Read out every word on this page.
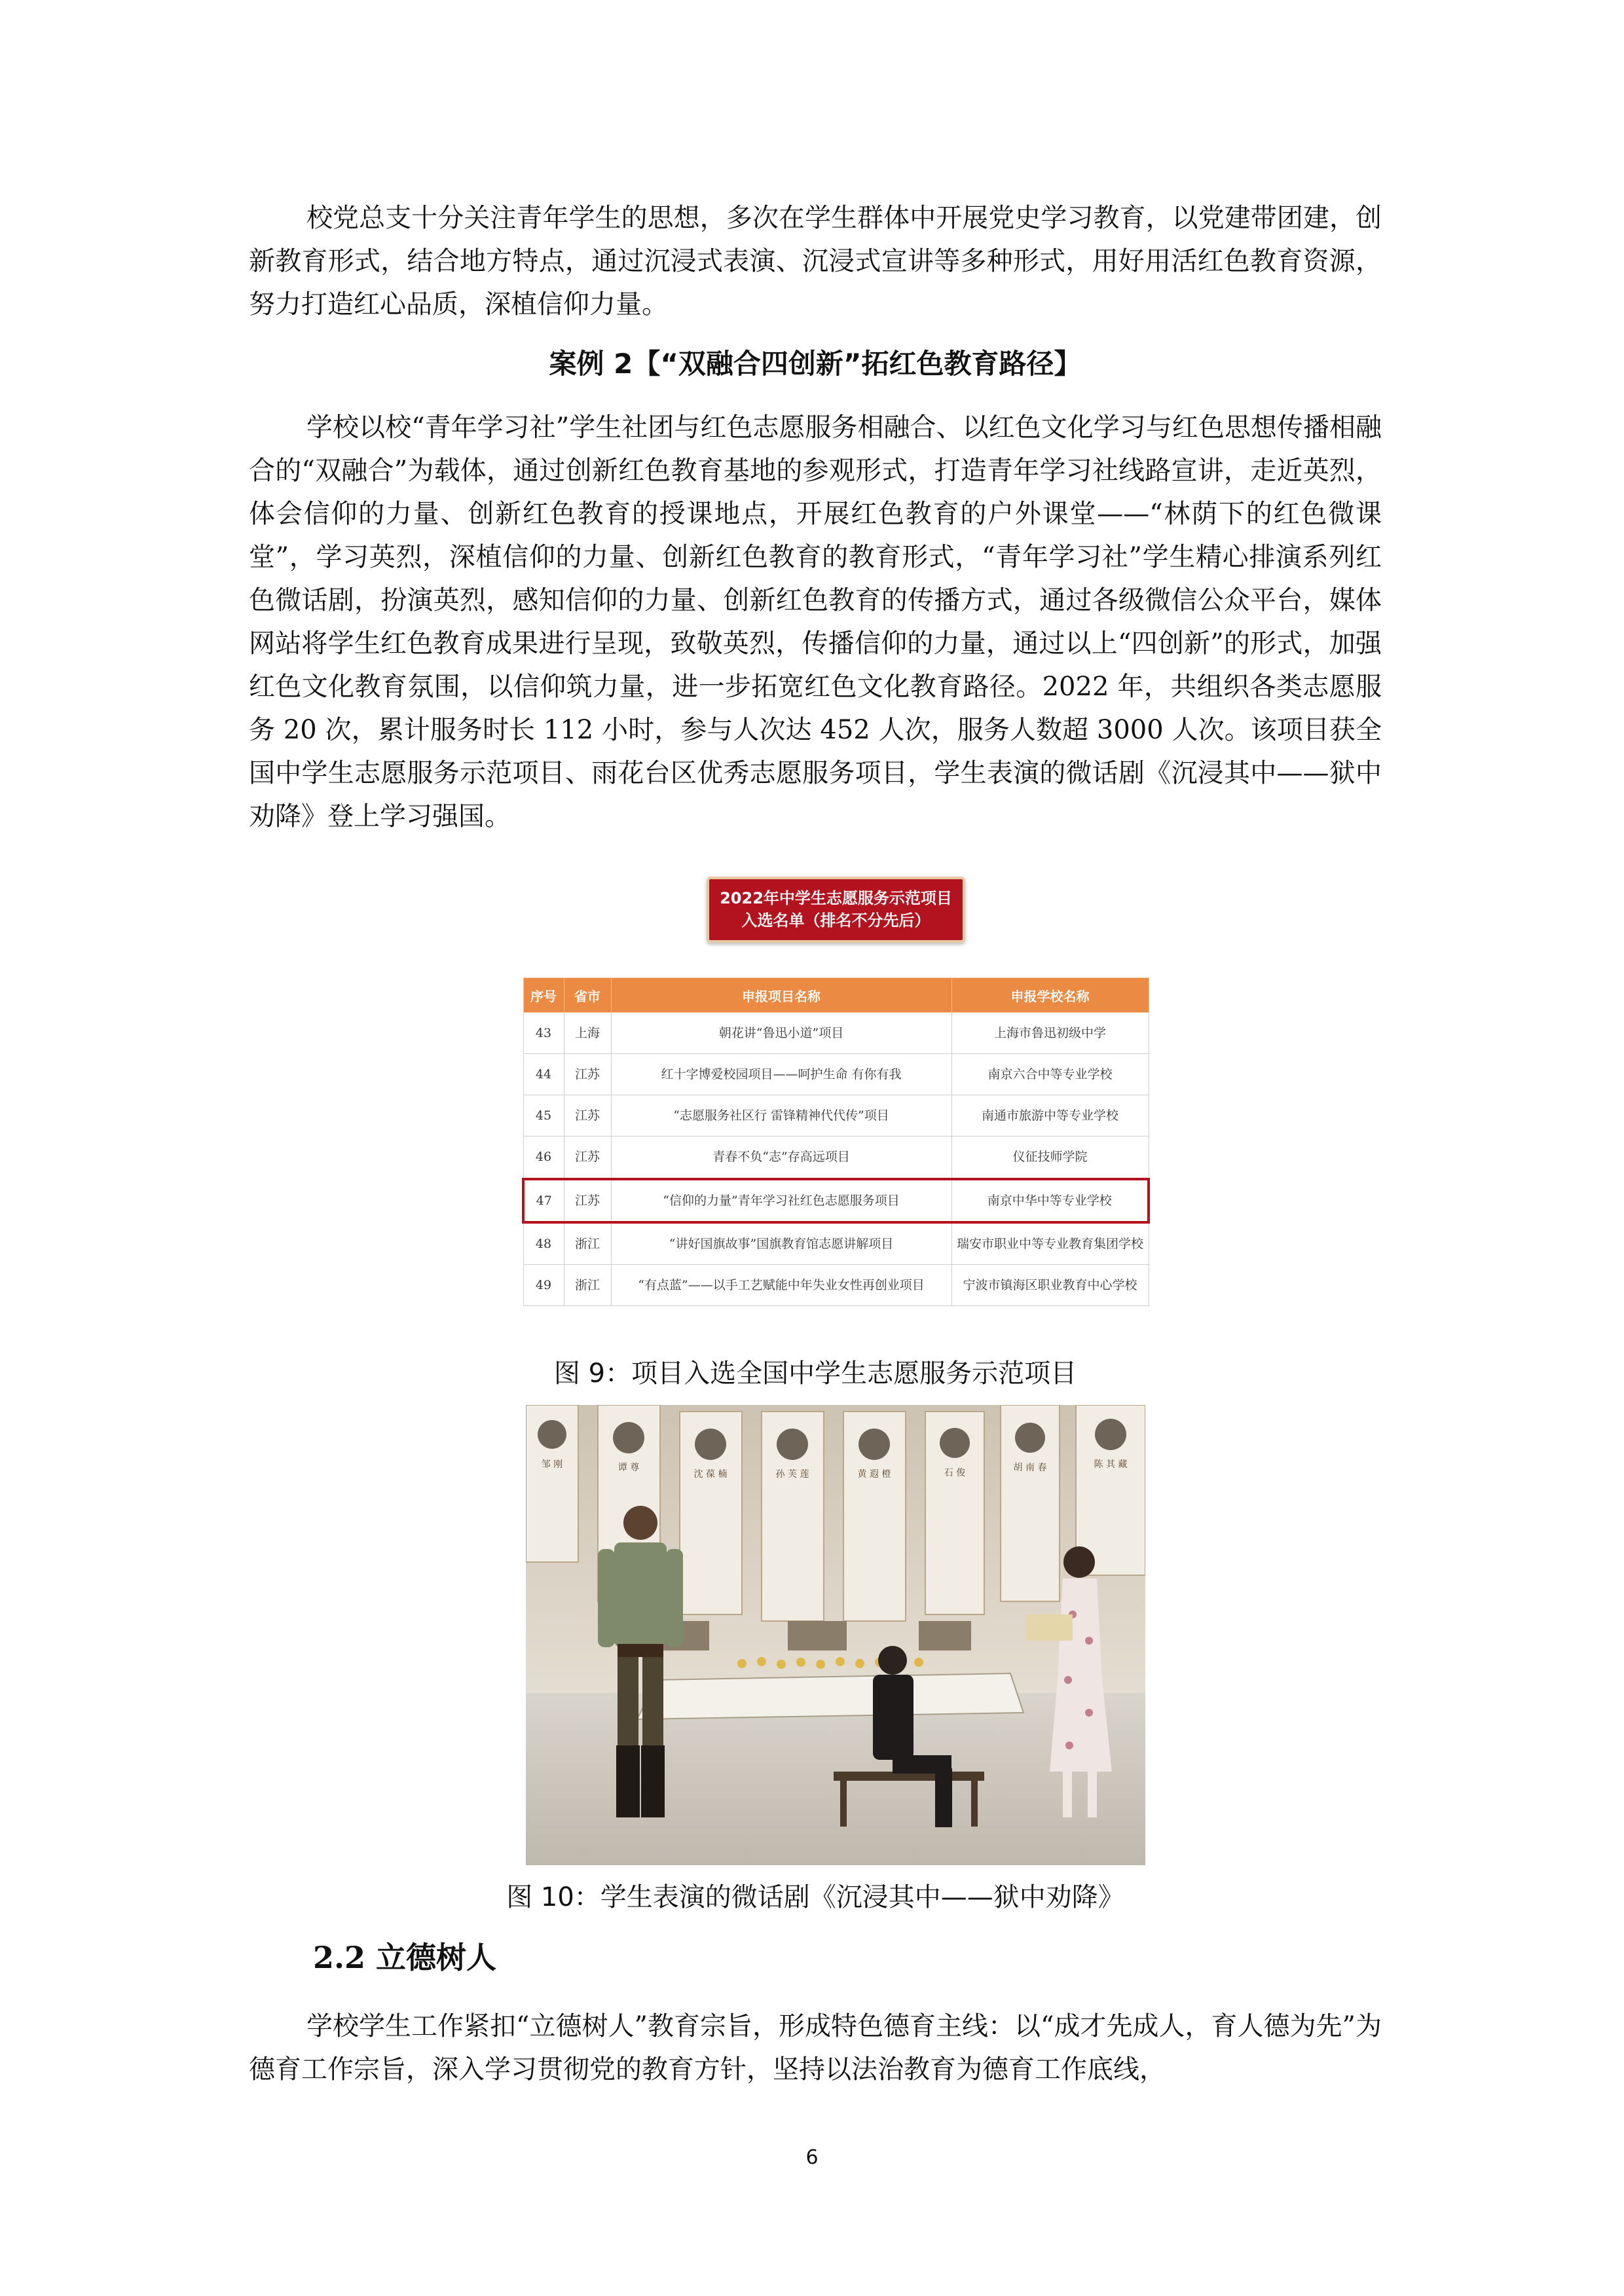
校党总支十分关注青年学生的思想，多次在学生群体中开展党史学习教育，以党建带团建，创新教育形式，结合地方特点，通过沉浸式表演、沉浸式宣讲等多种形式，用好用活红色教育资源，努力打造红心品质，深植信仰力量。

案例 2【“双融合四创新”拓红色教育路径】

学校以校“青年学习社”学生社团与红色志愿服务相融合、以红色文化学习与红色思想传播相融合的“双融合”为载体，通过创新红色教育基地的参观形式，打造青年学习社线路宣讲，走近英烈，体会信仰的力量、创新红色教育的授课地点，开展红色教育的户外课堂——“林荫下的红色微课堂”，学习英烈，深植信仰的力量、创新红色教育的教育形式，“青年学习社”学生精心排演系列红色微话剧，扮演英烈，感知信仰的力量、创新红色教育的传播方式，通过各级微信公众平台，媒体网站将学生红色教育成果进行呈现，致敬英烈，传播信仰的力量，通过以上“四创新”的形式，加强红色文化教育氛围，以信仰筑力量，进一步拓宽红色文化教育路径。2022 年，共组织各类志愿服务 20 次，累计服务时长 112 小时，参与人次达 452 人次，服务人数超 3000 人次。该项目获全国中学生志愿服务示范项目、雨花台区优秀志愿服务项目，学生表演的微话剧《沉浸其中——狱中劝降》登上学习强国。

2022年中学生志愿服务示范项目
入选名单（排名不分先后）
序号	省市	申报项目名称	申报学校名称
43	上海	朝花讲“鲁迅小道”项目	上海市鲁迅初级中学
44	江苏	红十字博爱校园项目——呵护生命 有你有我	南京六合中等专业学校
45	江苏	“志愿服务社区行 雷锋精神代代传”项目	南通市旅游中等专业学校
46	江苏	青春不负“志”存高远项目	仪征技师学院
47	江苏	“信仰的力量”青年学习社红色志愿服务项目	南京中华中等专业学校
48	浙江	“讲好国旗故事”国旗教育馆志愿讲解项目	瑞安市职业中等专业教育集团学校
49	浙江	“有点蓝”——以手工艺赋能中年失业女性再创业项目	宁波市镇海区职业教育中心学校

图 9：项目入选全国中学生志愿服务示范项目

邹 刚	谭 尊
沈 葆 楠	孙 芙 莲	黄 遐 橙	石 俊	胡 南 春	陈 其 藏

图 10：学生表演的微话剧《沉浸其中——狱中劝降》

2.2 立德树人

学校学生工作紧扣“立德树人”教育宗旨，形成特色德育主线：以“成才先成人，育人德为先”为德育工作宗旨，深入学习贯彻党的教育方针，坚持以法治教育为德育工作底线，

6
